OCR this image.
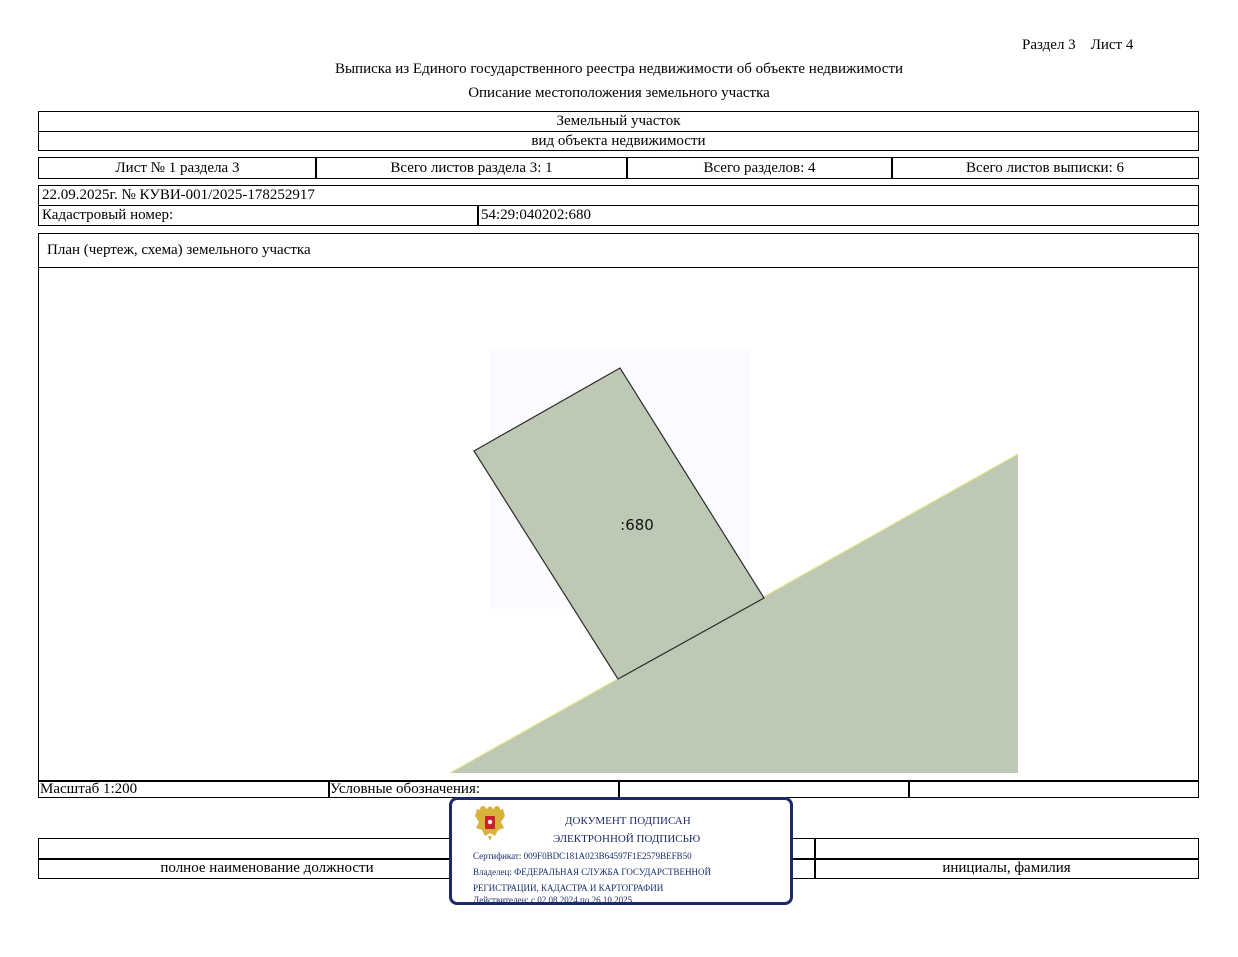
Раздел 3 Лист 4
Выписка из Единого государственного реестра недвижимости об объекте недвижимости
Описание местоположения земельного участка
Земельный участок
вид объекта недвижимости
Лист № 1 раздела 3	Всего листов раздела 3: 1	Всего разделов: 4	Всего листов выписки: 6
22.09.2025г. № КУВИ-001/2025-178252917
Кадастровый номер:	54:29:040202:680
План (чертеж, схема) земельного участка
:680
Масштаб 1:200	Условные обозначения:
полное наименование должности	инициалы, фамилия
ДОКУМЕНТ ПОДПИСАН
ЭЛЕКТРОННОЙ ПОДПИСЬЮ
Сертификат: 009F0BDC181A023B64597F1E2579BEFB50
Владелец: ФЕДЕРАЛЬНАЯ СЛУЖБА ГОСУДАРСТВЕННОЙ
РЕГИСТРАЦИИ, КАДАСТРА И КАРТОГРАФИИ
Действителен: с 02.08.2024 по 26.10.2025
